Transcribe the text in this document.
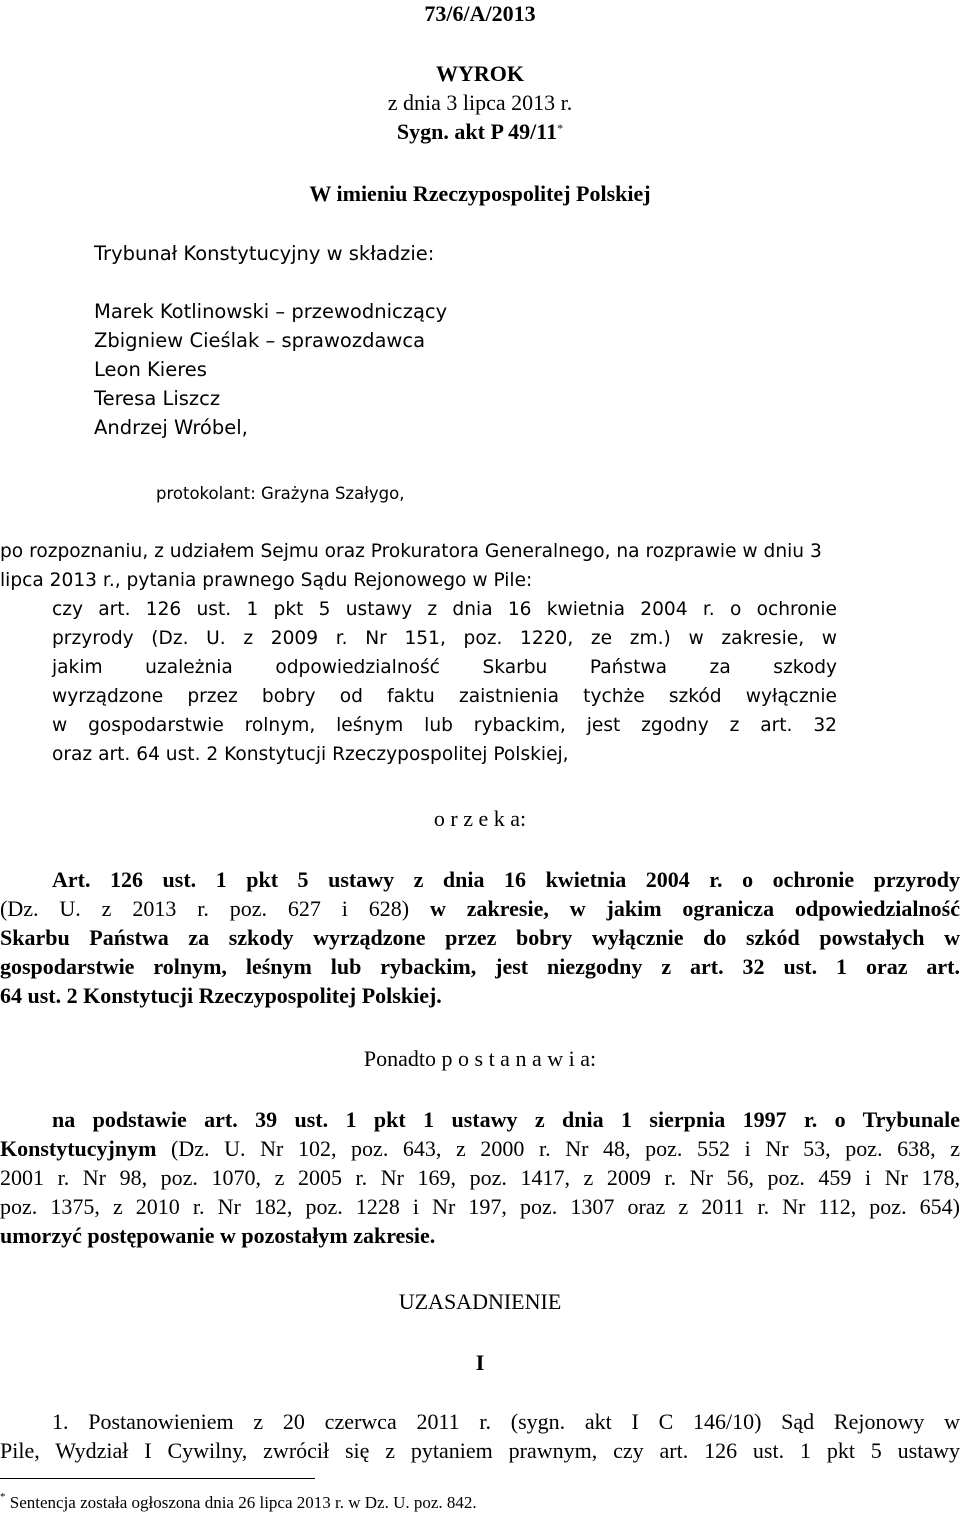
73/6/A/2013
WYROK
z dnia 3 lipca 2013 r.
Sygn. akt P 49/11*
W imieniu Rzeczypospolitej Polskiej
Trybunał Konstytucyjny w składzie:
Marek Kotlinowski – przewodniczący
Zbigniew Cieślak – sprawozdawca
Leon Kieres
Teresa Liszcz
Andrzej Wróbel,
protokolant: Grażyna Szałygo,
po rozpoznaniu, z udziałem Sejmu oraz Prokuratora Generalnego, na rozprawie w dniu 3
lipca 2013 r., pytania prawnego Sądu Rejonowego w Pile:
czy art. 126 ust. 1 pkt 5 ustawy z dnia 16 kwietnia 2004 r. o ochronie
przyrody (Dz. U. z 2009 r. Nr 151, poz. 1220, ze zm.) w zakresie, w
jakim uzależnia odpowiedzialność Skarbu Państwa za szkody
wyrządzone przez bobry od faktu zaistnienia tychże szkód wyłącznie
w gospodarstwie rolnym, leśnym lub rybackim, jest zgodny z art. 32
oraz art. 64 ust. 2 Konstytucji Rzeczypospolitej Polskiej,
o r z e k a:
Art. 126 ust. 1 pkt 5 ustawy z dnia 16 kwietnia 2004 r. o ochronie przyrody
(Dz. U. z 2013 r. poz. 627 i 628) w zakresie, w jakim ogranicza odpowiedzialność
Skarbu Państwa za szkody wyrządzone przez bobry wyłącznie do szkód powstałych w
gospodarstwie rolnym, leśnym lub rybackim, jest niezgodny z art. 32 ust. 1 oraz art.
64 ust. 2 Konstytucji Rzeczypospolitej Polskiej.
Ponadto p o s t a n a w i a:
na podstawie art. 39 ust. 1 pkt 1 ustawy z dnia 1 sierpnia 1997 r. o Trybunale
Konstytucyjnym (Dz. U. Nr 102, poz. 643, z 2000 r. Nr 48, poz. 552 i Nr 53, poz. 638, z
2001 r. Nr 98, poz. 1070, z 2005 r. Nr 169, poz. 1417, z 2009 r. Nr 56, poz. 459 i Nr 178,
poz. 1375, z 2010 r. Nr 182, poz. 1228 i Nr 197, poz. 1307 oraz z 2011 r. Nr 112, poz. 654)
umorzyć postępowanie w pozostałym zakresie.
UZASADNIENIE
I
1. Postanowieniem z 20 czerwca 2011 r. (sygn. akt I C 146/10) Sąd Rejonowy w
Pile, Wydział I Cywilny, zwrócił się z pytaniem prawnym, czy art. 126 ust. 1 pkt 5 ustawy
* Sentencja została ogłoszona dnia 26 lipca 2013 r. w Dz. U. poz. 842.
